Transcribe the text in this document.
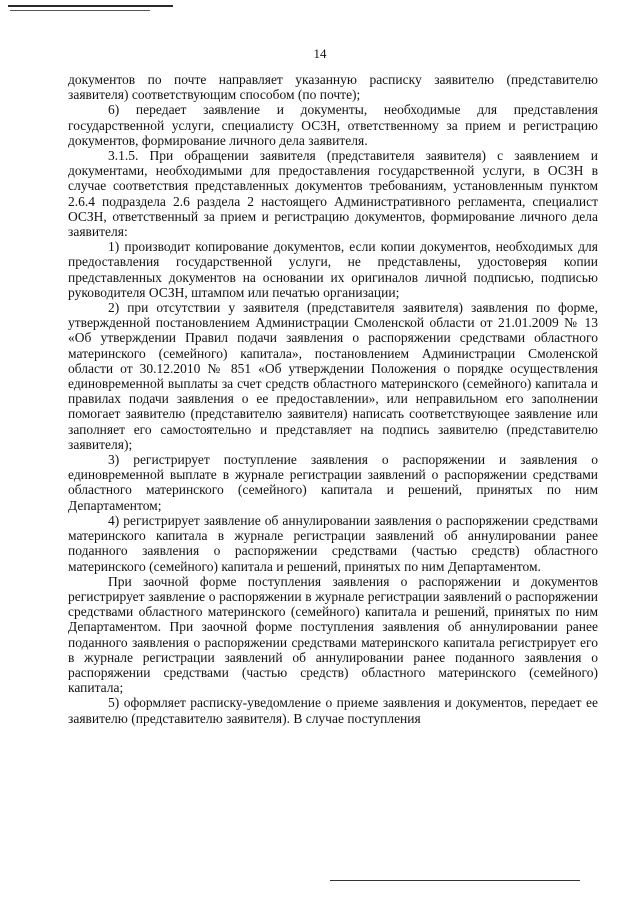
14

документов по почте направляет указанную расписку заявителю (представителю заявителя) соответствующим способом (по почте);

6) передает заявление и документы, необходимые для представления государственной услуги, специалисту ОСЗН, ответственному за прием и регистрацию документов, формирование личного дела заявителя.

3.1.5. При обращении заявителя (представителя заявителя) с заявлением и документами, необходимыми для предоставления государственной услуги, в ОСЗН в случае соответствия представленных документов требованиям, установленным пунктом 2.6.4 подраздела 2.6 раздела 2 настоящего Административного регламента, специалист ОСЗН, ответственный за прием и регистрацию документов, формирование личного дела заявителя:

1) производит копирование документов, если копии документов, необходимых для предоставления государственной услуги, не представлены, удостоверяя копии представленных документов на основании их оригиналов личной подписью, подписью руководителя ОСЗН, штампом или печатью организации;

2) при отсутствии у заявителя (представителя заявителя) заявления по форме, утвержденной постановлением Администрации Смоленской области от 21.01.2009 № 13 «Об утверждении Правил подачи заявления о распоряжении средствами областного материнского (семейного) капитала», постановлением Администрации Смоленской области от 30.12.2010 № 851 «Об утверждении Положения о порядке осуществления единовременной выплаты за счет средств областного материнского (семейного) капитала и правилах подачи заявления о ее предоставлении», или неправильном его заполнении помогает заявителю (представителю заявителя) написать соответствующее заявление или заполняет его самостоятельно и представляет на подпись заявителю (представителю заявителя);

3) регистрирует поступление заявления о распоряжении и заявления о единовременной выплате в журнале регистрации заявлений о распоряжении средствами областного материнского (семейного) капитала и решений, принятых по ним Департаментом;

4) регистрирует заявление об аннулировании заявления о распоряжении средствами материнского капитала в журнале регистрации заявлений об аннулировании ранее поданного заявления о распоряжении средствами (частью средств) областного материнского (семейного) капитала и решений, принятых по ним Департаментом.

При заочной форме поступления заявления о распоряжении и документов регистрирует заявление о распоряжении в журнале регистрации заявлений о распоряжении средствами областного материнского (семейного) капитала и решений, принятых по ним Департаментом. При заочной форме поступления заявления об аннулировании ранее поданного заявления о распоряжении средствами материнского капитала регистрирует его в журнале регистрации заявлений об аннулировании ранее поданного заявления о распоряжении средствами (частью средств) областного материнского (семейного) капитала;

5) оформляет расписку-уведомление о приеме заявления и документов, передает ее заявителю (представителю заявителя). В случае поступления
